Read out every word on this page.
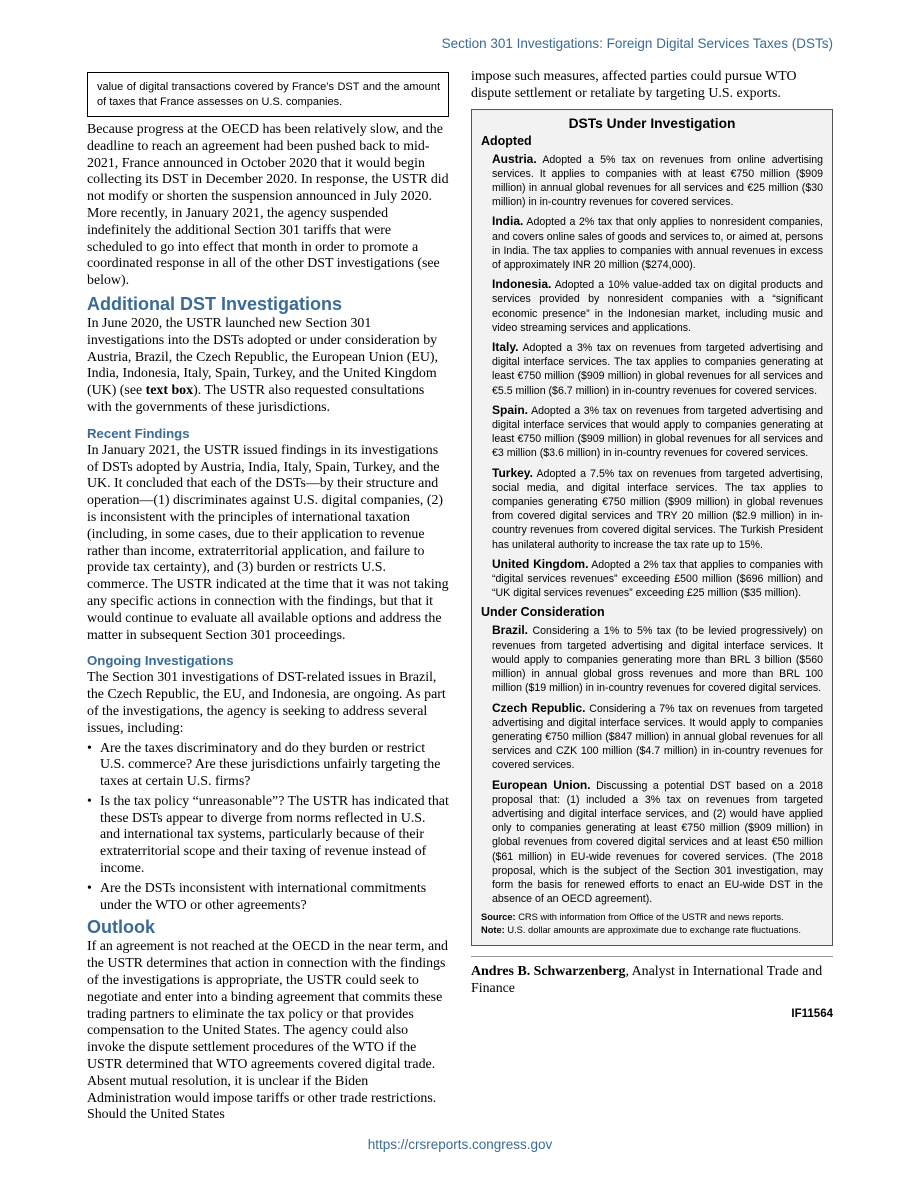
Section 301 Investigations: Foreign Digital Services Taxes (DSTs)
value of digital transactions covered by France’s DST and the amount of taxes that France assesses on U.S. companies.

Because progress at the OECD has been relatively slow, and the deadline to reach an agreement had been pushed back to mid-2021, France announced in October 2020 that it would begin collecting its DST in December 2020. In response, the USTR did not modify or shorten the suspension announced in July 2020. More recently, in January 2021, the agency suspended indefinitely the additional Section 301 tariffs that were scheduled to go into effect that month in order to promote a coordinated response in all of the other DST investigations (see below).

Additional DST Investigations

In June 2020, the USTR launched new Section 301 investigations into the DSTs adopted or under consideration by Austria, Brazil, the Czech Republic, the European Union (EU), India, Indonesia, Italy, Spain, Turkey, and the United Kingdom (UK) (see text box). The USTR also requested consultations with the governments of these jurisdictions.

Recent Findings

In January 2021, the USTR issued findings in its investigations of DSTs adopted by Austria, India, Italy, Spain, Turkey, and the UK. It concluded that each of the DSTs—by their structure and operation—(1) discriminates against U.S. digital companies, (2) is inconsistent with the principles of international taxation (including, in some cases, due to their application to revenue rather than income, extraterritorial application, and failure to provide tax certainty), and (3) burden or restricts U.S. commerce. The USTR indicated at the time that it was not taking any specific actions in connection with the findings, but that it would continue to evaluate all available options and address the matter in subsequent Section 301 proceedings.

Ongoing Investigations

The Section 301 investigations of DST-related issues in Brazil, the Czech Republic, the EU, and Indonesia, are ongoing. As part of the investigations, the agency is seeking to address several issues, including:

• Are the taxes discriminatory and do they burden or restrict U.S. commerce? Are these jurisdictions unfairly targeting the taxes at certain U.S. firms?
• Is the tax policy “unreasonable”? The USTR has indicated that these DSTs appear to diverge from norms reflected in U.S. and international tax systems, particularly because of their extraterritorial scope and their taxing of revenue instead of income.
• Are the DSTs inconsistent with international commitments under the WTO or other agreements?
Outlook

If an agreement is not reached at the OECD in the near term, and the USTR determines that action in connection with the findings of the investigations is appropriate, the USTR could seek to negotiate and enter into a binding agreement that commits these trading partners to eliminate the tax policy or that provides compensation to the United States. The agency could also invoke the dispute settlement procedures of the WTO if the USTR determined that WTO agreements covered digital trade. Absent mutual resolution, it is unclear if the Biden Administration would impose tariffs or other trade restrictions. Should the United States

impose such measures, affected parties could pursue WTO dispute settlement or retaliate by targeting U.S. exports.

DSTs Under Investigation
Adopted

Austria. Adopted a 5% tax on revenues from online advertising services. It applies to companies with at least €750 million ($909 million) in annual global revenues for all services and €25 million ($30 million) in in-country revenues for covered services.

India. Adopted a 2% tax that only applies to nonresident companies, and covers online sales of goods and services to, or aimed at, persons in India. The tax applies to companies with annual revenues in excess of approximately INR 20 million ($274,000).

Indonesia. Adopted a 10% value-added tax on digital products and services provided by nonresident companies with a “significant economic presence” in the Indonesian market, including music and video streaming services and applications.

Italy. Adopted a 3% tax on revenues from targeted advertising and digital interface services. The tax applies to companies generating at least €750 million ($909 million) in global revenues for all services and €5.5 million ($6.7 million) in in-country revenues for covered services.

Spain. Adopted a 3% tax on revenues from targeted advertising and digital interface services that would apply to companies generating at least €750 million ($909 million) in global revenues for all services and €3 million ($3.6 million) in in-country revenues for covered services.

Turkey. Adopted a 7.5% tax on revenues from targeted advertising, social media, and digital interface services. The tax applies to companies generating €750 million ($909 million) in global revenues from covered digital services and TRY 20 million ($2.9 million) in in-country revenues from covered digital services. The Turkish President has unilateral authority to increase the tax rate up to 15%.

United Kingdom. Adopted a 2% tax that applies to companies with “digital services revenues” exceeding £500 million ($696 million) and “UK digital services revenues” exceeding £25 million ($35 million).

Under Consideration

Brazil. Considering a 1% to 5% tax (to be levied progressively) on revenues from targeted advertising and digital interface services. It would apply to companies generating more than BRL 3 billion ($560 million) in annual global gross revenues and more than BRL 100 million ($19 million) in in-country revenues for covered digital services.

Czech Republic. Considering a 7% tax on revenues from targeted advertising and digital interface services. It would apply to companies generating €750 million ($847 million) in annual global revenues for all services and CZK 100 million ($4.7 million) in in-country revenues for covered services.

European Union. Discussing a potential DST based on a 2018 proposal that: (1) included a 3% tax on revenues from targeted advertising and digital interface services, and (2) would have applied only to companies generating at least €750 million ($909 million) in global revenues from covered digital services and at least €50 million ($61 million) in EU-wide revenues for covered services. (The 2018 proposal, which is the subject of the Section 301 investigation, may form the basis for renewed efforts to enact an EU-wide DST in the absence of an OECD agreement).

Source: CRS with information from Office of the USTR and news reports.
Note: U.S. dollar amounts are approximate due to exchange rate fluctuations.
Andres B. Schwarzenberg, Analyst in International Trade and Finance
IF11564
https://crsreports.congress.gov
